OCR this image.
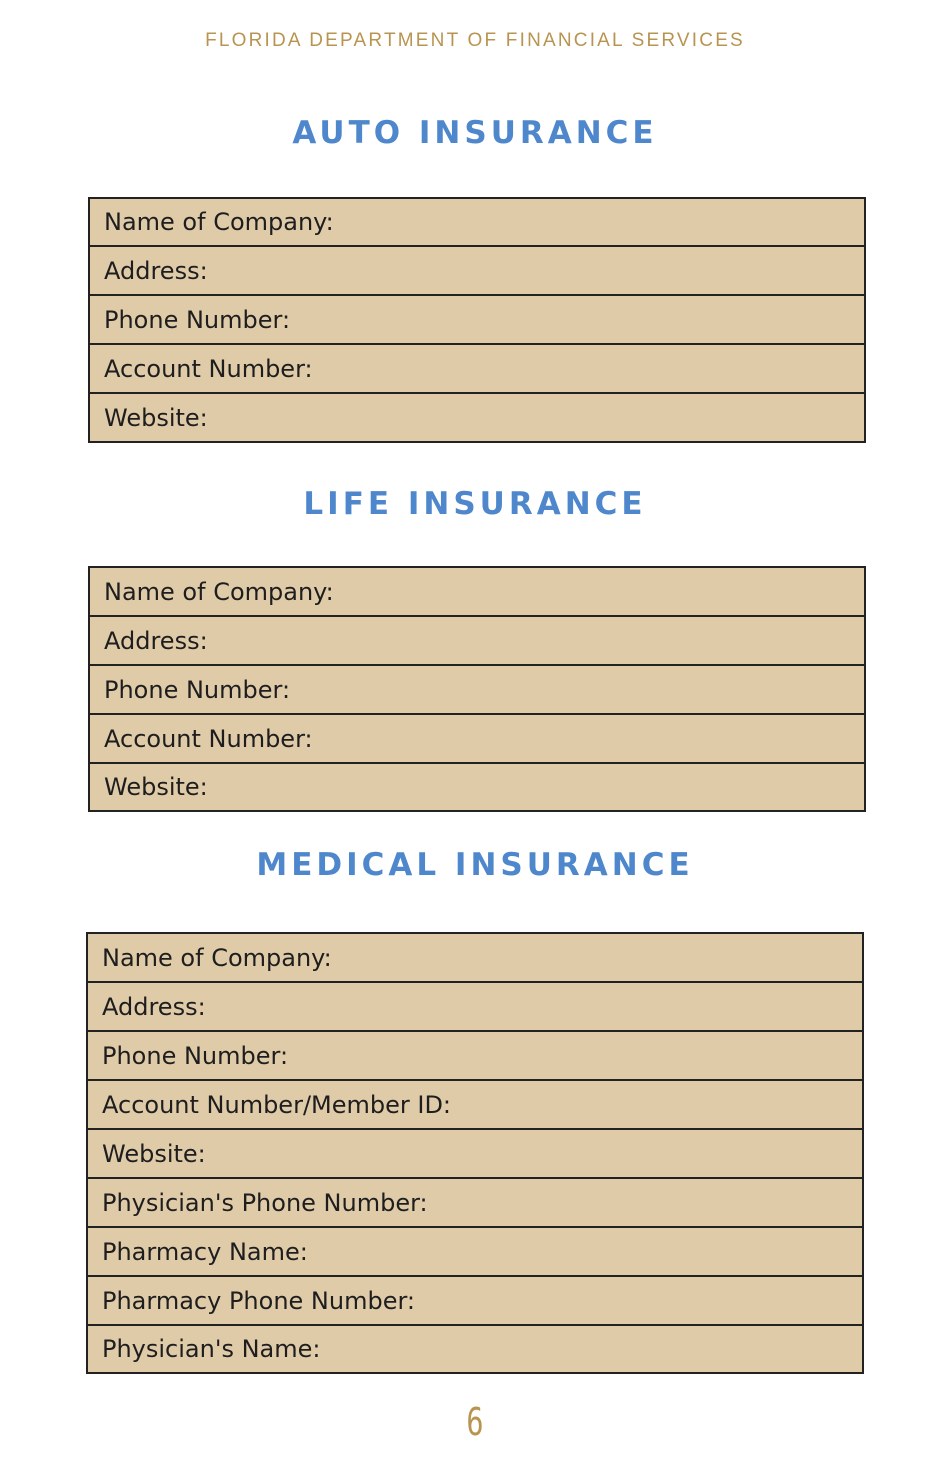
FLORIDA DEPARTMENT OF FINANCIAL SERVICES
AUTO INSURANCE
Name of Company:
Address:
Phone Number:
Account Number:
Website:
LIFE INSURANCE
Name of Company:
Address:
Phone Number:
Account Number:
Website:
MEDICAL INSURANCE
Name of Company:
Address:
Phone Number:
Account Number/Member ID:
Website:
Physician's Phone Number:
Pharmacy Name:
Pharmacy Phone Number:
Physician's Name:
6
